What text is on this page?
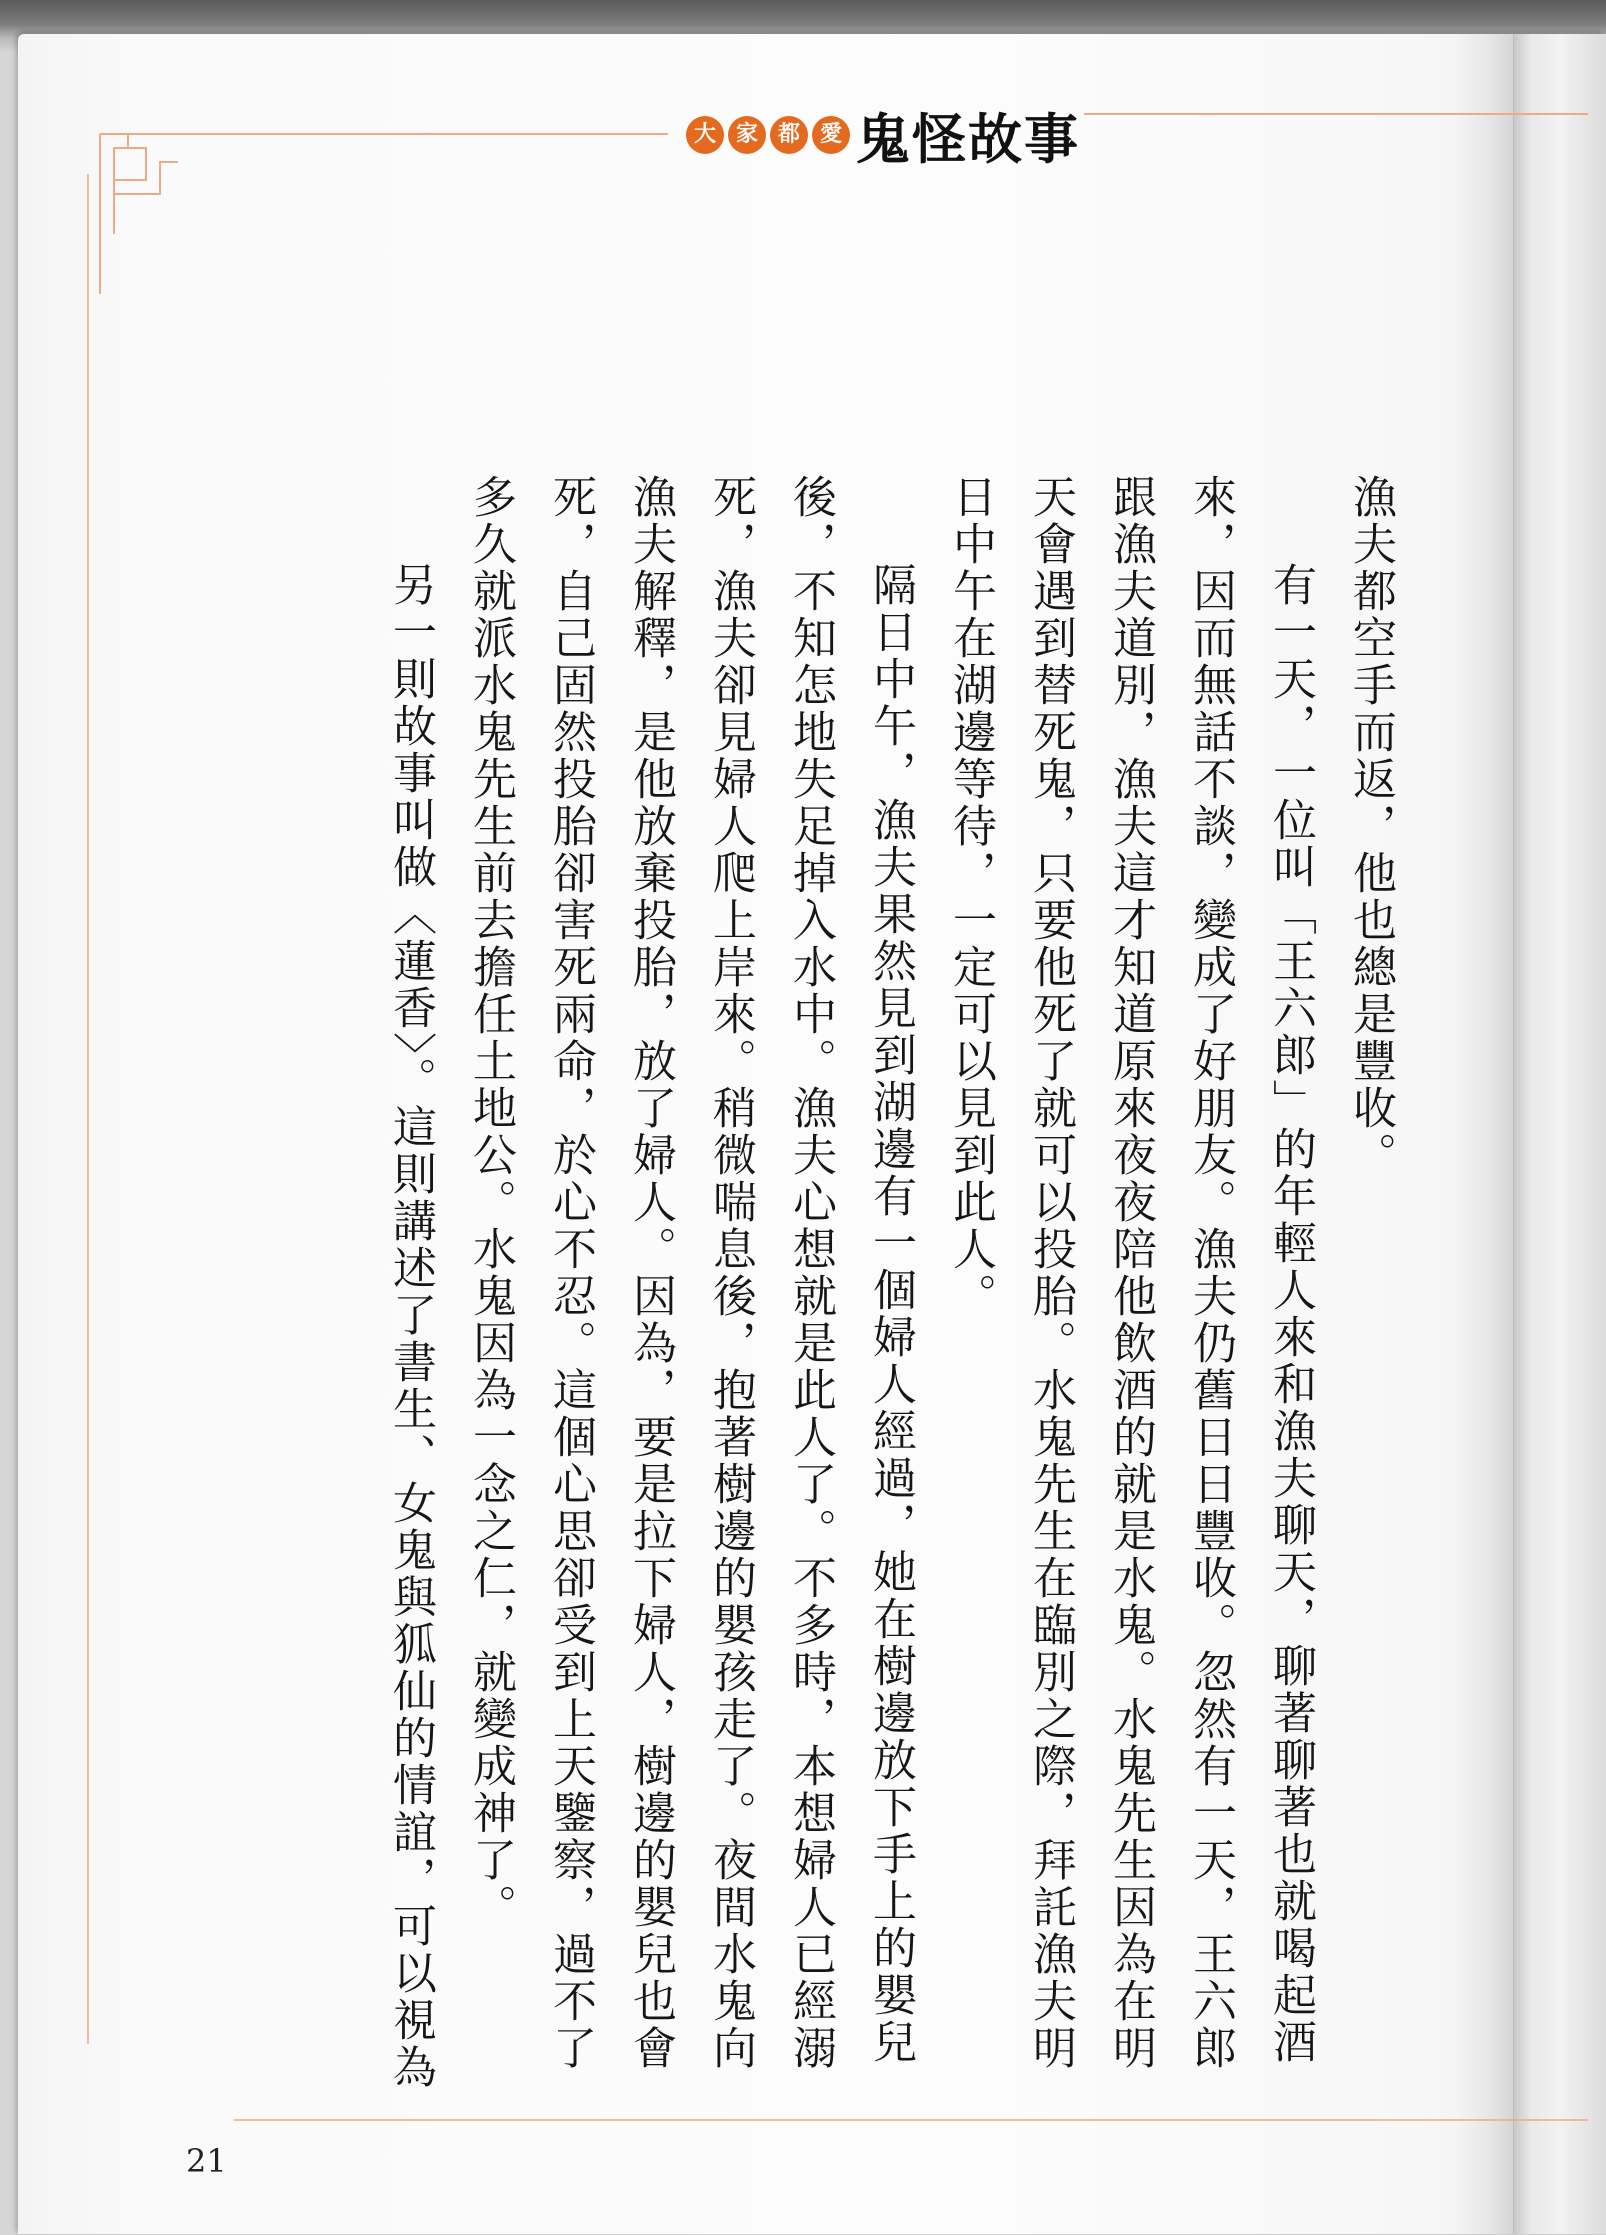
大 家 都 愛 鬼怪故事

漁夫都空手而返，他也總是豐收。

有一天，一位叫「王六郎」的年輕人來和漁夫聊天，聊著聊著也就喝起酒來，因而無話不談，變成了好朋友。漁夫仍舊日日豐收。忽然有一天，王六郎跟漁夫道別，漁夫這才知道原來夜夜陪他飲酒的就是水鬼。水鬼先生因為在明天會遇到替死鬼，只要他死了就可以投胎。水鬼先生在臨別之際，拜託漁夫明日中午在湖邊等待，一定可以見到此人。

隔日中午，漁夫果然見到湖邊有一個婦人經過，她在樹邊放下手上的嬰兒後，不知怎地失足掉入水中。漁夫心想就是此人了。不多時，本想婦人已經溺死，漁夫卻見婦人爬上岸來。稍微喘息後，抱著樹邊的嬰孩走了。夜間水鬼向漁夫解釋，是他放棄投胎，放了婦人。因為，要是拉下婦人，樹邊的嬰兒也會死，自己固然投胎卻害死兩命，於心不忍。這個心思卻受到上天鑒察，過不了多久就派水鬼先生前去擔任土地公。水鬼因為一念之仁，就變成神了。

另一則故事叫做〈蓮香〉。這則講述了書生、女鬼與狐仙的情誼，可以視為

21
